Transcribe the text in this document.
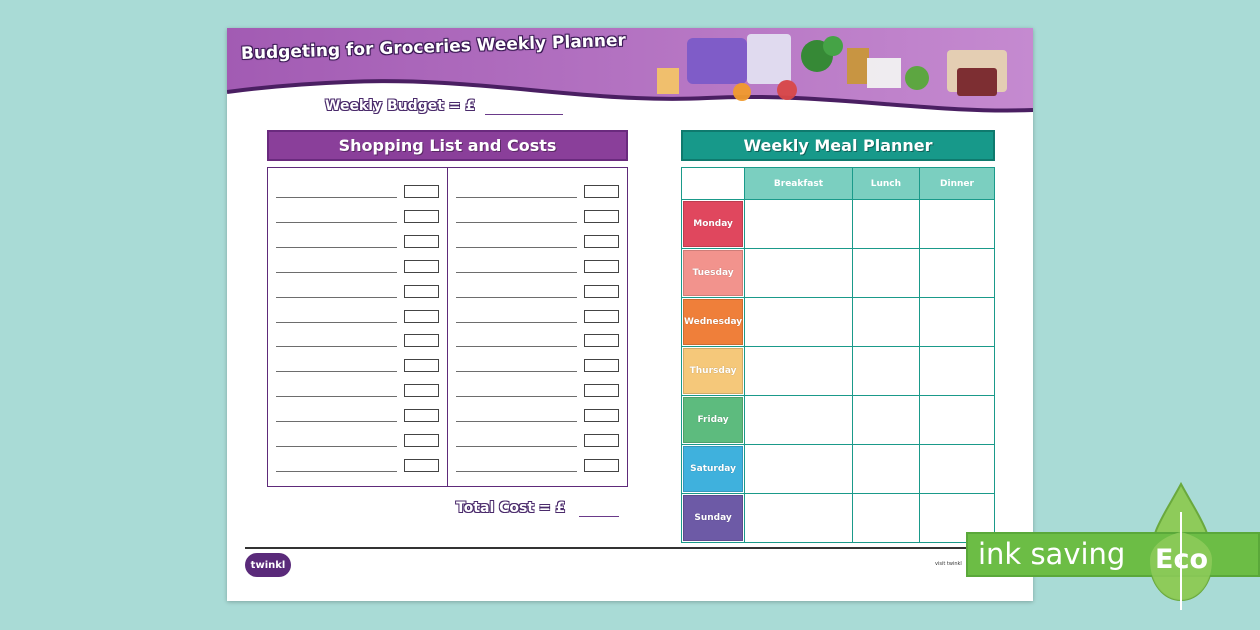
Budgeting for Groceries Weekly Planner
Weekly Budget = £
Shopping List and Costs
Total Cost = £
Weekly Meal Planner
	Breakfast	Lunch	Dinner

Monday			

Tuesday			

Wednesday			

Thursday			

Friday			

Saturday			

Sunday			

twinkl	visit twinkl ink saving Eco
